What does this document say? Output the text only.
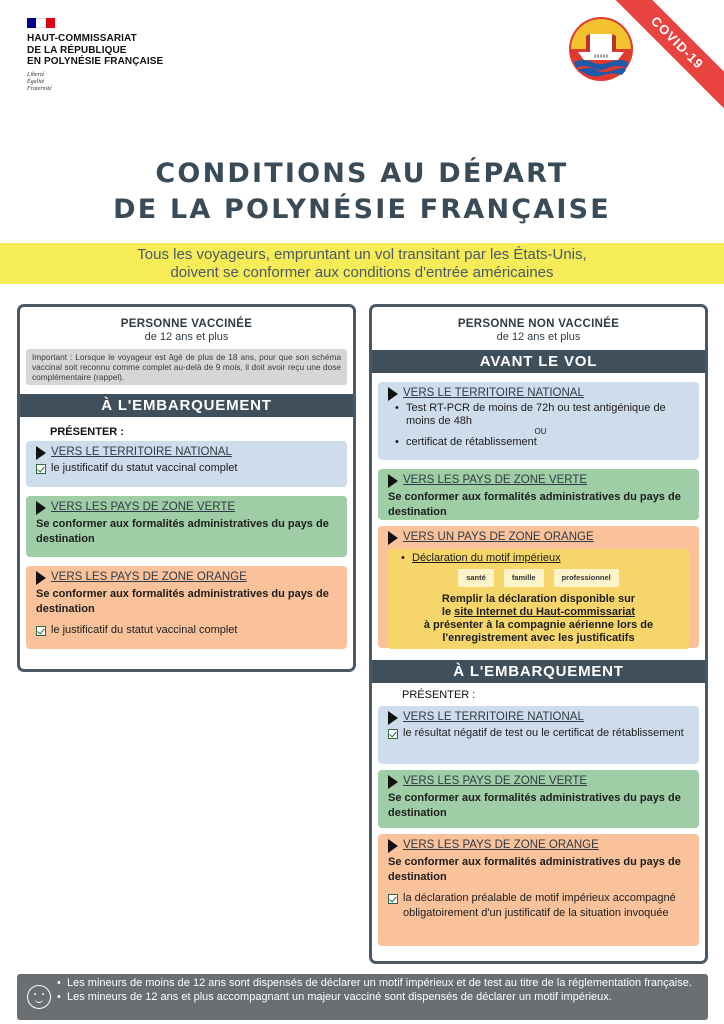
HAUT-COMMISSARIAT
DE LA RÉPUBLIQUE
EN POLYNÉSIE FRANÇAISE
Liberté
Égalité
Fraternité
xxxxx	COVID-19
CONDITIONS AU DÉPART
DE LA POLYNÉSIE FRANÇAISE
Tous les voyageurs, empruntant un vol transitant par les États-Unis,
doivent se conformer aux conditions d'entrée américaines
PERSONNE VACCINÉE
de 12 ans et plus
Important : Lorsque le voyageur est âgé de plus de 18 ans, pour que son schéma vaccinal soit reconnu comme complet au-delà de 9 mois, il doit avoir reçu une dose complémentaire (rappel).
À L'EMBARQUEMENT
PRÉSENTER :
VERS LE TERRITOIRE NATIONAL
le justificatif du statut vaccinal complet
VERS LES PAYS DE ZONE VERTE
Se conformer aux formalités administratives du pays de destination
VERS LES PAYS DE ZONE ORANGE
Se conformer aux formalités administratives du pays de destination
le justificatif du statut vaccinal complet
PERSONNE NON VACCINÉE
de 12 ans et plus
AVANT LE VOL
VERS LE TERRITOIRE NATIONAL
• Test RT-PCR de moins de 72h ou test antigénique de moins de 48h
OU
• certificat de rétablissement
VERS LES PAYS DE ZONE VERTE
Se conformer aux formalités administratives du pays de destination
VERS UN PAYS DE ZONE ORANGE
• Déclaration du motif impérieux
santé	famille	professionnel
Remplir la déclaration disponible sur
le site Internet du Haut-commissariat
à présenter à la compagnie aérienne lors de l'enregistrement avec les justificatifs
À L'EMBARQUEMENT
PRÉSENTER :
VERS LE TERRITOIRE NATIONAL
le résultat négatif de test ou le certificat de rétablissement
VERS LES PAYS DE ZONE VERTE
Se conformer aux formalités administratives du pays de destination
VERS LES PAYS DE ZONE ORANGE
Se conformer aux formalités administratives du pays de destination
la déclaration préalable de motif impérieux accompagné obligatoirement d'un justificatif de la situation invoquée
• Les mineurs de moins de 12 ans sont dispensés de déclarer un motif impérieux et de test au titre de la réglementation française.
• Les mineurs de 12 ans et plus accompagnant un majeur vacciné sont dispensés de déclarer un motif impérieux.
